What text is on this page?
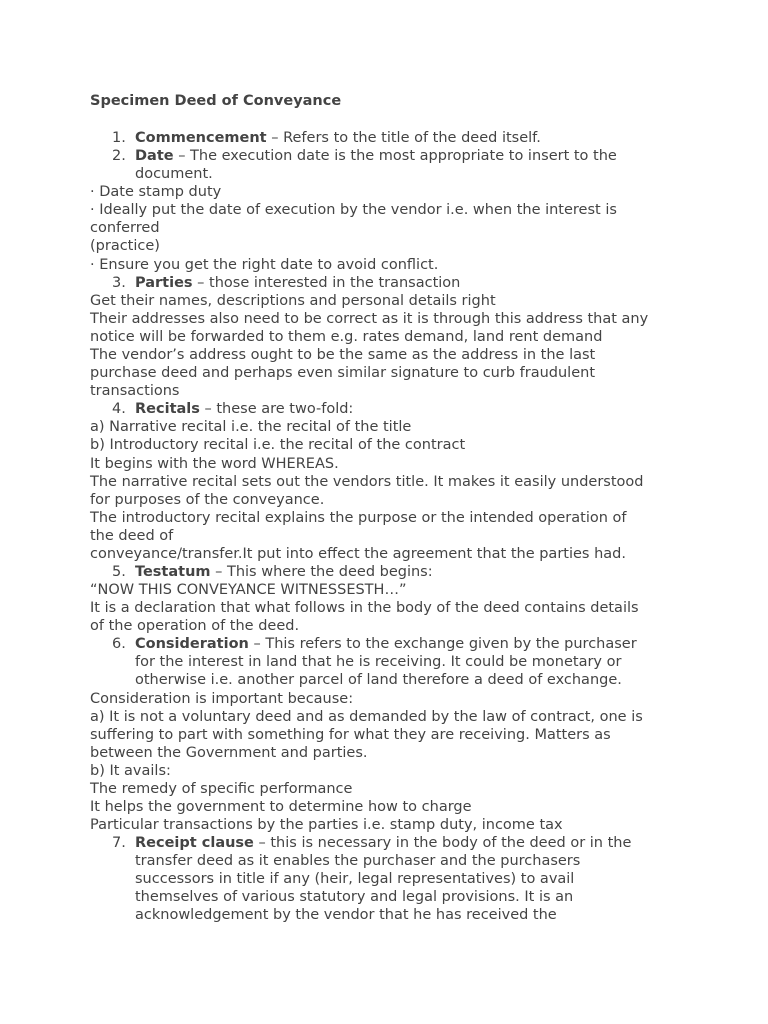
Specimen Deed of Conveyance
1. Commencement – Refers to the title of the deed itself.
2. Date – The execution date is the most appropriate to insert to the
document.
· Date stamp duty
· Ideally put the date of execution by the vendor i.e. when the interest is
conferred
(practice)
· Ensure you get the right date to avoid conflict.
3. Parties – those interested in the transaction
Get their names, descriptions and personal details right
Their addresses also need to be correct as it is through this address that any
notice will be forwarded to them e.g. rates demand, land rent demand
The vendor’s address ought to be the same as the address in the last
purchase deed and perhaps even similar signature to curb fraudulent
transactions
4. Recitals – these are two-fold:
a) Narrative recital i.e. the recital of the title
b) Introductory recital i.e. the recital of the contract
It begins with the word WHEREAS.
The narrative recital sets out the vendors title. It makes it easily understood
for purposes of the conveyance.
The introductory recital explains the purpose or the intended operation of
the deed of
conveyance/transfer.It put into effect the agreement that the parties had.
5. Testatum – This where the deed begins:
“NOW THIS CONVEYANCE WITNESSESTH…”
It is a declaration that what follows in the body of the deed contains details
of the operation of the deed.
6. Consideration – This refers to the exchange given by the purchaser
for the interest in land that he is receiving. It could be monetary or
otherwise i.e. another parcel of land therefore a deed of exchange.
Consideration is important because:
a) It is not a voluntary deed and as demanded by the law of contract, one is
suffering to part with something for what they are receiving. Matters as
between the Government and parties.
b) It avails:
The remedy of specific performance
It helps the government to determine how to charge
Particular transactions by the parties i.e. stamp duty, income tax
7. Receipt clause – this is necessary in the body of the deed or in the
transfer deed as it enables the purchaser and the purchasers
successors in title if any (heir, legal representatives) to avail
themselves of various statutory and legal provisions. It is an
acknowledgement by the vendor that he has received the
